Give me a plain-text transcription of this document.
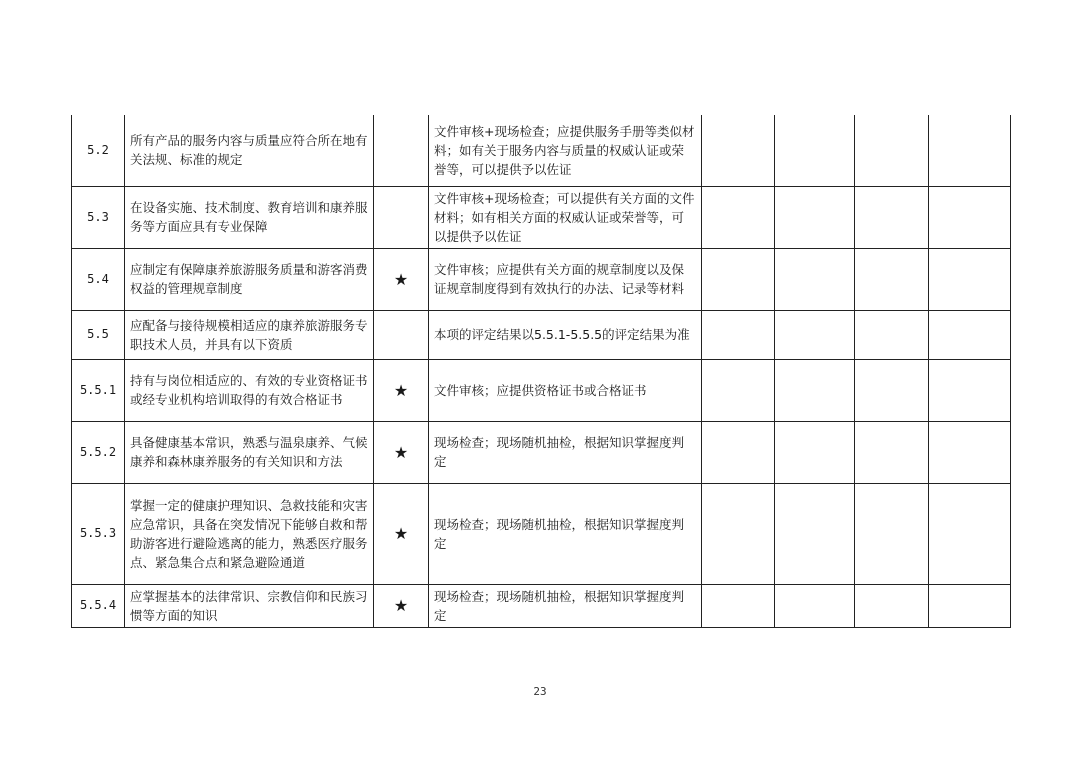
5.2	所有产品的服务内容与质量应符合所在地有关法规、标准的规定		文件审核+现场检查；应提供服务手册等类似材料；如有关于服务内容与质量的权威认证或荣誉等，可以提供予以佐证				
5.3	在设备实施、技术制度、教育培训和康养服务等方面应具有专业保障		文件审核+现场检查；可以提供有关方面的文件材料；如有相关方面的权威认证或荣誉等，可以提供予以佐证				
5.4	应制定有保障康养旅游服务质量和游客消费权益的管理规章制度	★	文件审核；应提供有关方面的规章制度以及保证规章制度得到有效执行的办法、记录等材料				
5.5	应配备与接待规模相适应的康养旅游服务专职技术人员，并具有以下资质		本项的评定结果以5.5.1-5.5.5的评定结果为准				
5.5.1	持有与岗位相适应的、有效的专业资格证书或经专业机构培训取得的有效合格证书	★	文件审核；应提供资格证书或合格证书				
5.5.2	具备健康基本常识，熟悉与温泉康养、气候康养和森林康养服务的有关知识和方法	★	现场检查；现场随机抽检，根据知识掌握度判定				
5.5.3	掌握一定的健康护理知识、急救技能和灾害应急常识，具备在突发情况下能够自救和帮助游客进行避险逃离的能力，熟悉医疗服务点、紧急集合点和紧急避险通道	★	现场检查；现场随机抽检，根据知识掌握度判定				
5.5.4	应掌握基本的法律常识、宗教信仰和民族习惯等方面的知识	★	现场检查；现场随机抽检，根据知识掌握度判定				
23
